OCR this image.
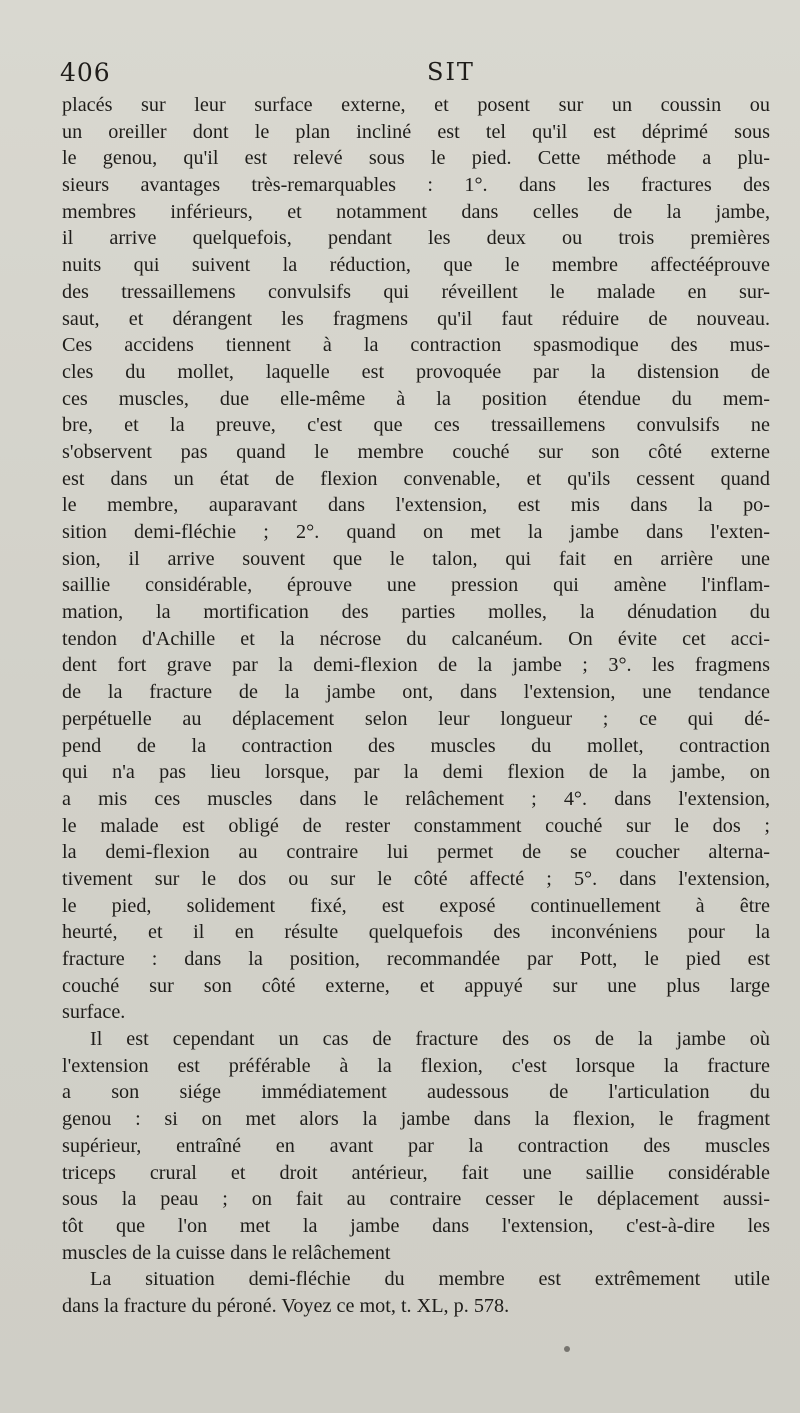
406	SIT
placés sur leur surface externe, et posent sur un coussin ou
un oreiller dont le plan incliné est tel qu'il est déprimé sous
le genou, qu'il est relevé sous le pied. Cette méthode a plu-
sieurs avantages très-remarquables : 1°. dans les fractures des
membres inférieurs, et notamment dans celles de la jambe,
il arrive quelquefois, pendant les deux ou trois premières
nuits qui suivent la réduction, que le membre affectééprouve
des tressaillemens convulsifs qui réveillent le malade en sur-
saut, et dérangent les fragmens qu'il faut réduire de nouveau.
Ces accidens tiennent à la contraction spasmodique des mus-
cles du mollet, laquelle est provoquée par la distension de
ces muscles, due elle-même à la position étendue du mem-
bre, et la preuve, c'est que ces tressaillemens convulsifs ne
s'observent pas quand le membre couché sur son côté externe
est dans un état de flexion convenable, et qu'ils cessent quand
le membre, auparavant dans l'extension, est mis dans la po-
sition demi-fléchie ; 2°. quand on met la jambe dans l'exten-
sion, il arrive souvent que le talon, qui fait en arrière une
saillie considérable, éprouve une pression qui amène l'inflam-
mation, la mortification des parties molles, la dénudation du
tendon d'Achille et la nécrose du calcanéum. On évite cet acci-
dent fort grave par la demi-flexion de la jambe ; 3°. les fragmens
de la fracture de la jambe ont, dans l'extension, une tendance
perpétuelle au déplacement selon leur longueur ; ce qui dé-
pend de la contraction des muscles du mollet, contraction
qui n'a pas lieu lorsque, par la demi flexion de la jambe, on
a mis ces muscles dans le relâchement ; 4°. dans l'extension,
le malade est obligé de rester constamment couché sur le dos ;
la demi-flexion au contraire lui permet de se coucher alterna-
tivement sur le dos ou sur le côté affecté ; 5°. dans l'extension,
le pied, solidement fixé, est exposé continuellement à être
heurté, et il en résulte quelquefois des inconvéniens pour la
fracture : dans la position, recommandée par Pott, le pied est
couché sur son côté externe, et appuyé sur une plus large
surface.
Il est cependant un cas de fracture des os de la jambe où
l'extension est préférable à la flexion, c'est lorsque la fracture
a son siége immédiatement audessous de l'articulation du
genou : si on met alors la jambe dans la flexion, le fragment
supérieur, entraîné en avant par la contraction des muscles
triceps crural et droit antérieur, fait une saillie considérable
sous la peau ; on fait au contraire cesser le déplacement aussi-
tôt que l'on met la jambe dans l'extension, c'est-à-dire les
muscles de la cuisse dans le relâchement
La situation demi-fléchie du membre est extrêmement utile
dans la fracture du péroné. Voyez ce mot, t. XL, p. 578.
